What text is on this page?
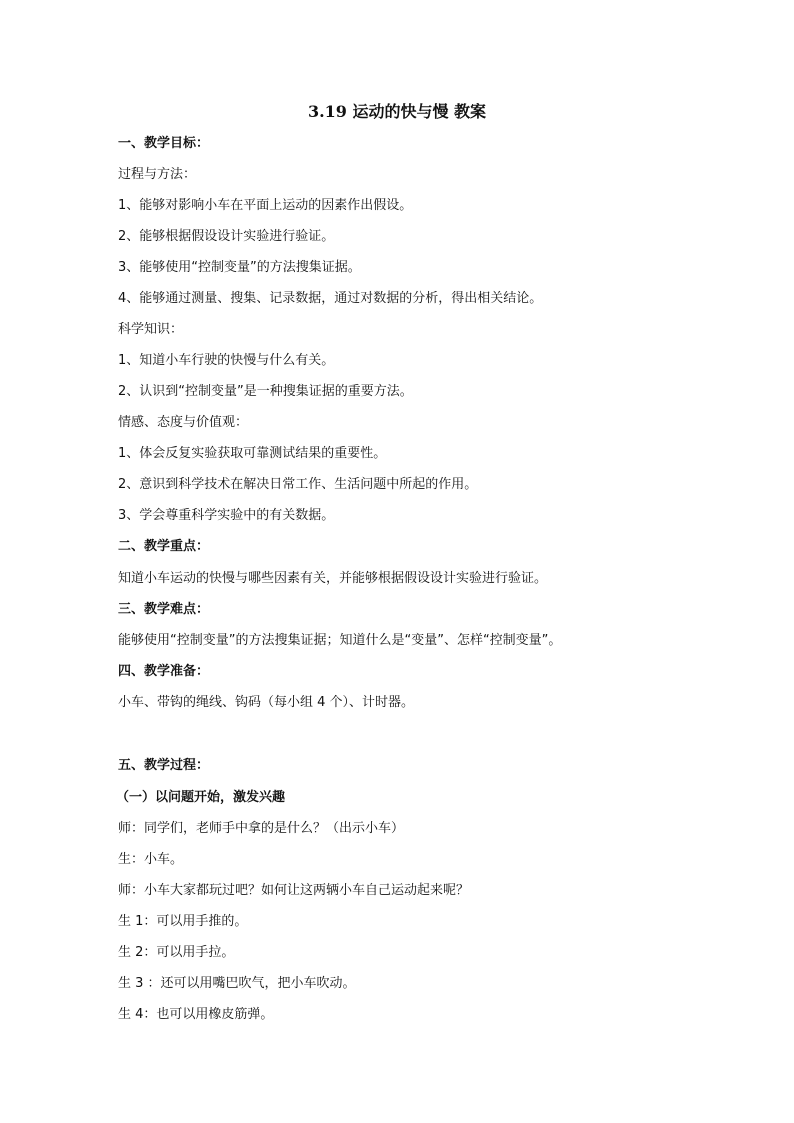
3.19 运动的快与慢 教案
一、教学目标：
过程与方法：
1、能够对影响小车在平面上运动的因素作出假设。
2、能够根据假设设计实验进行验证。
3、能够使用“控制变量”的方法搜集证据。
4、能够通过测量、搜集、记录数据，通过对数据的分析，得出相关结论。
科学知识：
1、知道小车行驶的快慢与什么有关。
2、认识到“控制变量”是一种搜集证据的重要方法。
情感、态度与价值观：
1、体会反复实验获取可靠测试结果的重要性。
2、意识到科学技术在解决日常工作、生活问题中所起的作用。
3、学会尊重科学实验中的有关数据。
二、教学重点：
知道小车运动的快慢与哪些因素有关，并能够根据假设设计实验进行验证。
三、教学难点：
能够使用“控制变量”的方法搜集证据；知道什么是“变量”、怎样“控制变量”。
四、教学准备：
小车、带钩的绳线、钩码（每小组 4 个）、计时器。
五、教学过程：
（一）以问题开始，激发兴趣
师：同学们，老师手中拿的是什么？（出示小车）
生：小车。
师：小车大家都玩过吧？如何让这两辆小车自己运动起来呢？
生 1：可以用手推的。
生 2：可以用手拉。
生 3 ：还可以用嘴巴吹气，把小车吹动。
生 4：也可以用橡皮筋弹。
